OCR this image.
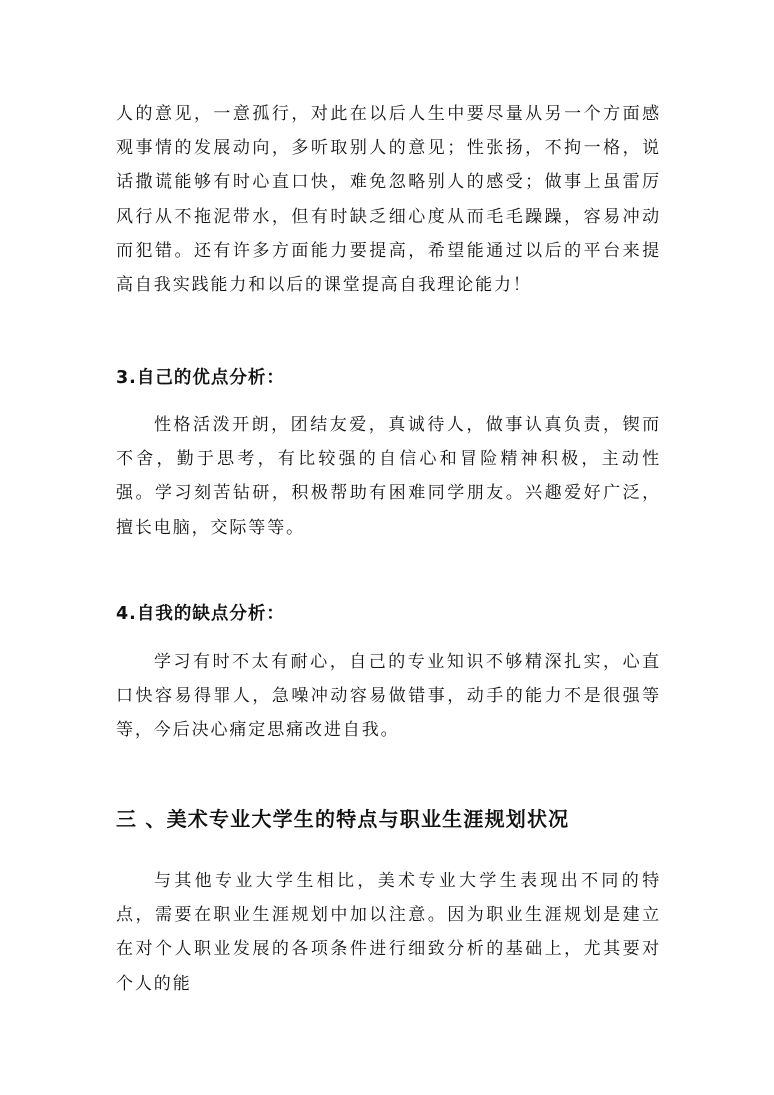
人的意见，一意孤行，对此在以后人生中要尽量从另一个方面感观事情的发展动向，多听取别人的意见；性张扬，不拘一格，说话撒谎能够有时心直口快，难免忽略别人的感受；做事上虽雷厉风行从不拖泥带水，但有时缺乏细心度从而毛毛躁躁，容易冲动而犯错。还有许多方面能力要提高，希望能通过以后的平台来提高自我实践能力和以后的课堂提高自我理论能力！

3.自己的优点分析：

性格活泼开朗，团结友爱，真诚待人，做事认真负责，锲而不舍，勤于思考，有比较强的自信心和冒险精神积极，主动性强。学习刻苦钻研，积极帮助有困难同学朋友。兴趣爱好广泛，擅长电脑，交际等等。

4.自我的缺点分析：

学习有时不太有耐心，自己的专业知识不够精深扎实，心直口快容易得罪人，急噪冲动容易做错事，动手的能力不是很强等等，今后决心痛定思痛改进自我。

三 、美术专业大学生的特点与职业生涯规划状况

与其他专业大学生相比，美术专业大学生表现出不同的特点，需要在职业生涯规划中加以注意。因为职业生涯规划是建立在对个人职业发展的各项条件进行细致分析的基础上，尤其要对个人的能
